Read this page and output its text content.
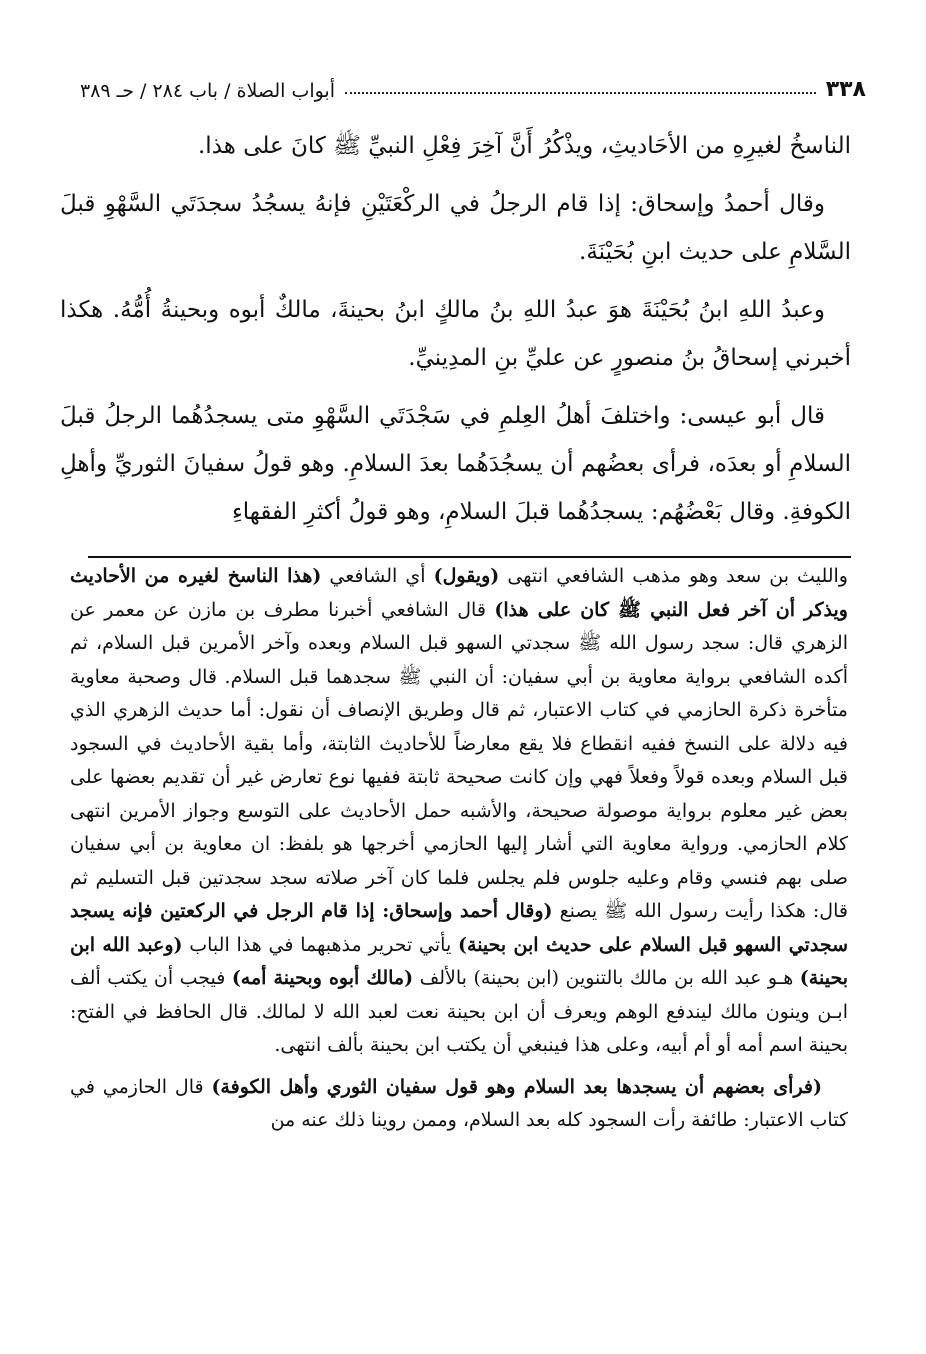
٣٣٨
أبواب الصلاة / باب ٢٨٤ / حـ ٣٨٩

الناسخُ لغيرِهِ من الأحَاديثِ، ويذْكُرُ أَنَّ آخِرَ فِعْلِ النبيِّ ﷺ كانَ على هذا.

وقال أحمدُ وإسحاق: إذا قام الرجلُ في الركْعَتَيْنِ فإنهُ يسجُدُ سجدَتَي السَّهْوِ قبلَ السَّلامِ على حديث ابنِ بُحَيْنَةَ.

وعبدُ اللهِ ابنُ بُحَيْنَةَ هوَ عبدُ اللهِ بنُ مالكٍ ابنُ بحينةَ، مالكٌ أبوه وبحينةُ أُمُّهُ. هكذا أخبرني إسحاقُ بنُ منصورٍ عن عليِّ بنِ المدِينيِّ.

قال أبو عيسى: واختلفَ أهلُ العِلمِ في سَجْدَتَي السَّهْوِ متى يسجدُهُما الرجلُ قبلَ السلامِ أو بعدَه، فرأى بعضُهم أن يسجُدَهُما بعدَ السلامِ. وهو قولُ سفيانَ الثوريِّ وأهلِ الكوفةِ. وقال بَعْضُهُم: يسجدُهُما قبلَ السلامِ، وهو قولُ أكثرِ الفقهاءِ

والليث بن سعد وهو مذهب الشافعي انتهى (ويقول) أي الشافعي (هذا الناسخ لغيره من الأحاديث ويذكر أن آخر فعل النبي ﷺ كان على هذا) قال الشافعي أخبرنا مطرف بن مازن عن معمر عن الزهري قال: سجد رسول الله ﷺ سجدتي السهو قبل السلام وبعده وآخر الأمرين قبل السلام، ثم أكده الشافعي برواية معاوية بن أبي سفيان: أن النبي ﷺ سجدهما قبل السلام. قال وصحبة معاوية متأخرة ذكرة الحازمي في كتاب الاعتبار، ثم قال وطريق الإنصاف أن نقول: أما حديث الزهري الذي فيه دلالة على النسخ ففيه انقطاع فلا يقع معارضاً للأحاديث الثابتة، وأما بقية الأحاديث في السجود قبل السلام وبعده قولاً وفعلاً فهي وإن كانت صحيحة ثابتة ففيها نوع تعارض غير أن تقديم بعضها على بعض غير معلوم برواية موصولة صحيحة، والأشبه حمل الأحاديث على التوسع وجواز الأمرين انتهى كلام الحازمي. ورواية معاوية التي أشار إليها الحازمي أخرجها هو بلفظ: ان معاوية بن أبي سفيان صلى بهم فنسي وقام وعليه جلوس فلم يجلس فلما كان آخر صلاته سجد سجدتين قبل التسليم ثم قال: هكذا رأيت رسول الله ﷺ يصنع (وقال أحمد وإسحاق: إذا قام الرجل في الركعتين فإنه يسجد سجدتي السهو قبل السلام على حديث ابن بحينة) يأتي تحرير مذهبهما في هذا الباب (وعبد الله ابن بحينة) هـو عبد الله بن مالك بالتنوين (ابن بحينة) بالألف (مالك أبوه وبحينة أمه) فيجب أن يكتب ألف ابـن وينون مالك ليندفع الوهم ويعرف أن ابن بحينة نعت لعبد الله لا لمالك. قال الحافظ في الفتح: بحينة اسم أمه أو أم أبيه، وعلى هذا فينبغي أن يكتب ابن بحينة بألف انتهى.

(فرأى بعضهم أن يسجدها بعد السلام وهو قول سفيان الثوري وأهل الكوفة) قال الحازمي في كتاب الاعتبار: طائفة رأت السجود كله بعد السلام، وممن روينا ذلك عنه من
